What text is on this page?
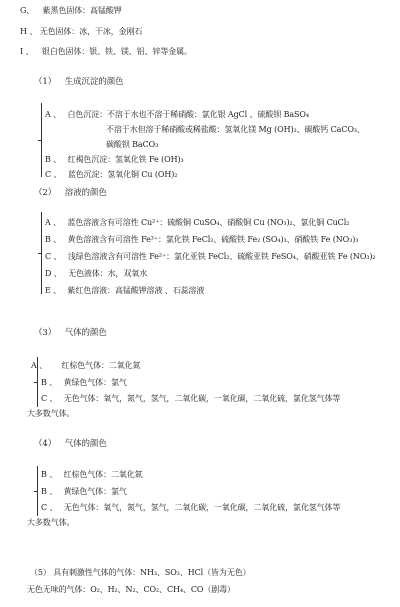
G、 紫黑色固体：高锰酸钾
H 、 无色固体：冰，干冰，金刚石
I 、 银白色固体：银、铁、镁、铝、锌等金属。
（1） 生成沉淀的颜色
A 、 白色沉淀：不溶于水也不溶于稀硝酸：氯化银 AgCl 、硫酸钡 BaSO₄
不溶于水但溶于稀硝酸或稀盐酸：氢氧化镁 Mg (OH)₂、碳酸钙 CaCO₃、
碳酸钡 BaCO₃
B 、 红褐色沉淀：氢氧化铁 Fe (OH)₃
C 、 蓝色沉淀：氢氧化铜 Cu (OH)₂
（2） 溶液的颜色
A 、 蓝色溶液含有可溶性 Cu²⁺：硫酸铜 CuSO₄、硝酸铜 Cu (NO₃)₂、氯化铜 CuCl₂
B 、 黄色溶液含有可溶性 Fe³⁺：氯化铁 FeCl₃、硫酸铁 Fe₂ (SO₄)₃、硝酸铁 Fe (NO₃)₃
C 、 浅绿色溶液含有可溶性 Fe²⁺：氯化亚铁 FeCl₂、硫酸亚铁 FeSO₄、硝酸亚铁 Fe (NO₃)₂
D 、 无色液体：水，双氧水
E 、 紫红色溶液：高锰酸钾溶液 、石蕊溶液
（3） 气体的颜色
A 、 红棕色气体：二氧化氮
B 、 黄绿色气体：氯气
C 、 无色气体：氧气，氮气，氢气，二氧化碳，一氧化碳，二氧化硫，氯化氢气体等
大多数气体。
（4） 气体的颜色
B 、 红棕色气体：二氧化氮
B 、 黄绿色气体：氯气
C 、 无色气体：氧气，氮气，氢气，二氧化碳，一氧化碳，二氧化硫，氯化氢气体等
大多数气体。
（5） 具有刺激性气体的气体：NH₃、SO₂、HCl（皆为无色）
无色无味的气体：O₂、H₂、N₂、CO₂、CH₄、CO（剧毒）
